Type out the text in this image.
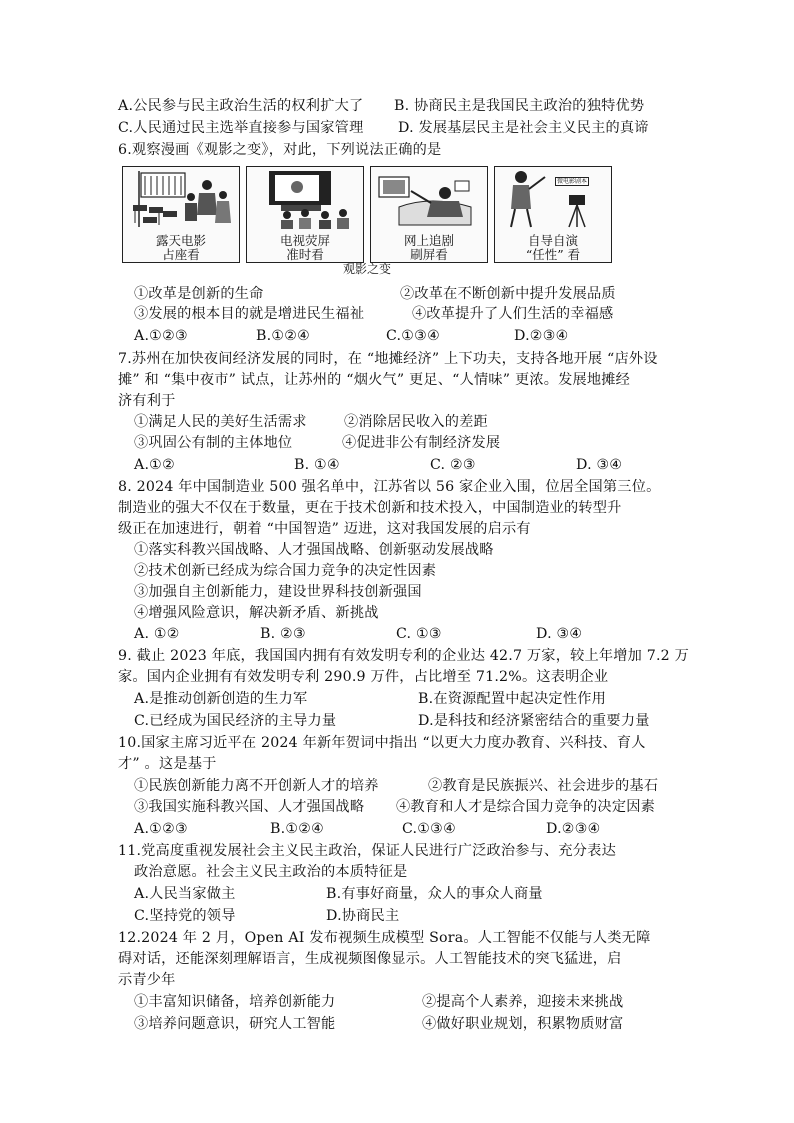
A.公民参与民主政治生活的权利扩大了 B. 协商民主是我国民主政治的独特优势
C.人民通过民主选举直接参与国家管理 D. 发展基层民主是社会主义民主的真谛
6.观察漫画《观影之变》，对此，下列说法正确的是
露天电影
占座看
电视荧屏
准时看
网上追剧
刷屏看
微电影剧本
自导自演
“任性” 看
观影之变
①改革是创新的生命	②改革在不断创新中提升发展品质
③发展的根本目的就是增进民生福祉	④改革提升了人们生活的幸福感
A.①②③	B.①②④	C.①③④	D.②③④
7.苏州在加快夜间经济发展的同时，在 “地摊经济” 上下功夫，支持各地开展 “店外设
摊” 和 “集中夜市” 试点，让苏州的 “烟火气” 更足、“人情味” 更浓。发展地摊经
济有利于
①满足人民的美好生活需求	②消除居民收入的差距
③巩固公有制的主体地位	④促进非公有制经济发展
A.①②	B. ①④	C. ②③	D. ③④
8. 2024 年中国制造业 500 强名单中，江苏省以 56 家企业入围，位居全国第三位。
制造业的强大不仅在于数量，更在于技术创新和技术投入，中国制造业的转型升
级正在加速进行，朝着 “中国智造” 迈进，这对我国发展的启示有
①落实科教兴国战略、人才强国战略、创新驱动发展战略
②技术创新已经成为综合国力竞争的决定性因素
③加强自主创新能力，建设世界科技创新强国
④增强风险意识，解决新矛盾、新挑战
A. ①②	B. ②③	C. ①③	D. ③④
9. 截止 2023 年底，我国国内拥有有效发明专利的企业达 42.7 万家，较上年增加 7.2 万
家。国内企业拥有有效发明专利 290.9 万件，占比增至 71.2%。这表明企业
A.是推动创新创造的生力军	B.在资源配置中起决定性作用
C.已经成为国民经济的主导力量	D.是科技和经济紧密结合的重要力量
10.国家主席习近平在 2024 年新年贺词中指出 “以更大力度办教育、兴科技、育人
才” 。这是基于
①民族创新能力离不开创新人才的培养	②教育是民族振兴、社会进步的基石
③我国实施科教兴国、人才强国战略 ④教育和人才是综合国力竞争的决定因素
A.①②③	B.①②④	C.①③④	D.②③④
11.党高度重视发展社会主义民主政治，保证人民进行广泛政治参与、充分表达
政治意愿。社会主义民主政治的本质特征是
A.人民当家做主	B.有事好商量，众人的事众人商量
C.坚持党的领导	D.协商民主
12.2024 年 2 月，Open AI 发布视频生成模型 Sora。人工智能不仅能与人类无障
碍对话，还能深刻理解语言，生成视频图像显示。人工智能技术的突飞猛进，启
示青少年
①丰富知识储备，培养创新能力	②提高个人素养，迎接未来挑战
③培养问题意识，研究人工智能	④做好职业规划，积累物质财富
